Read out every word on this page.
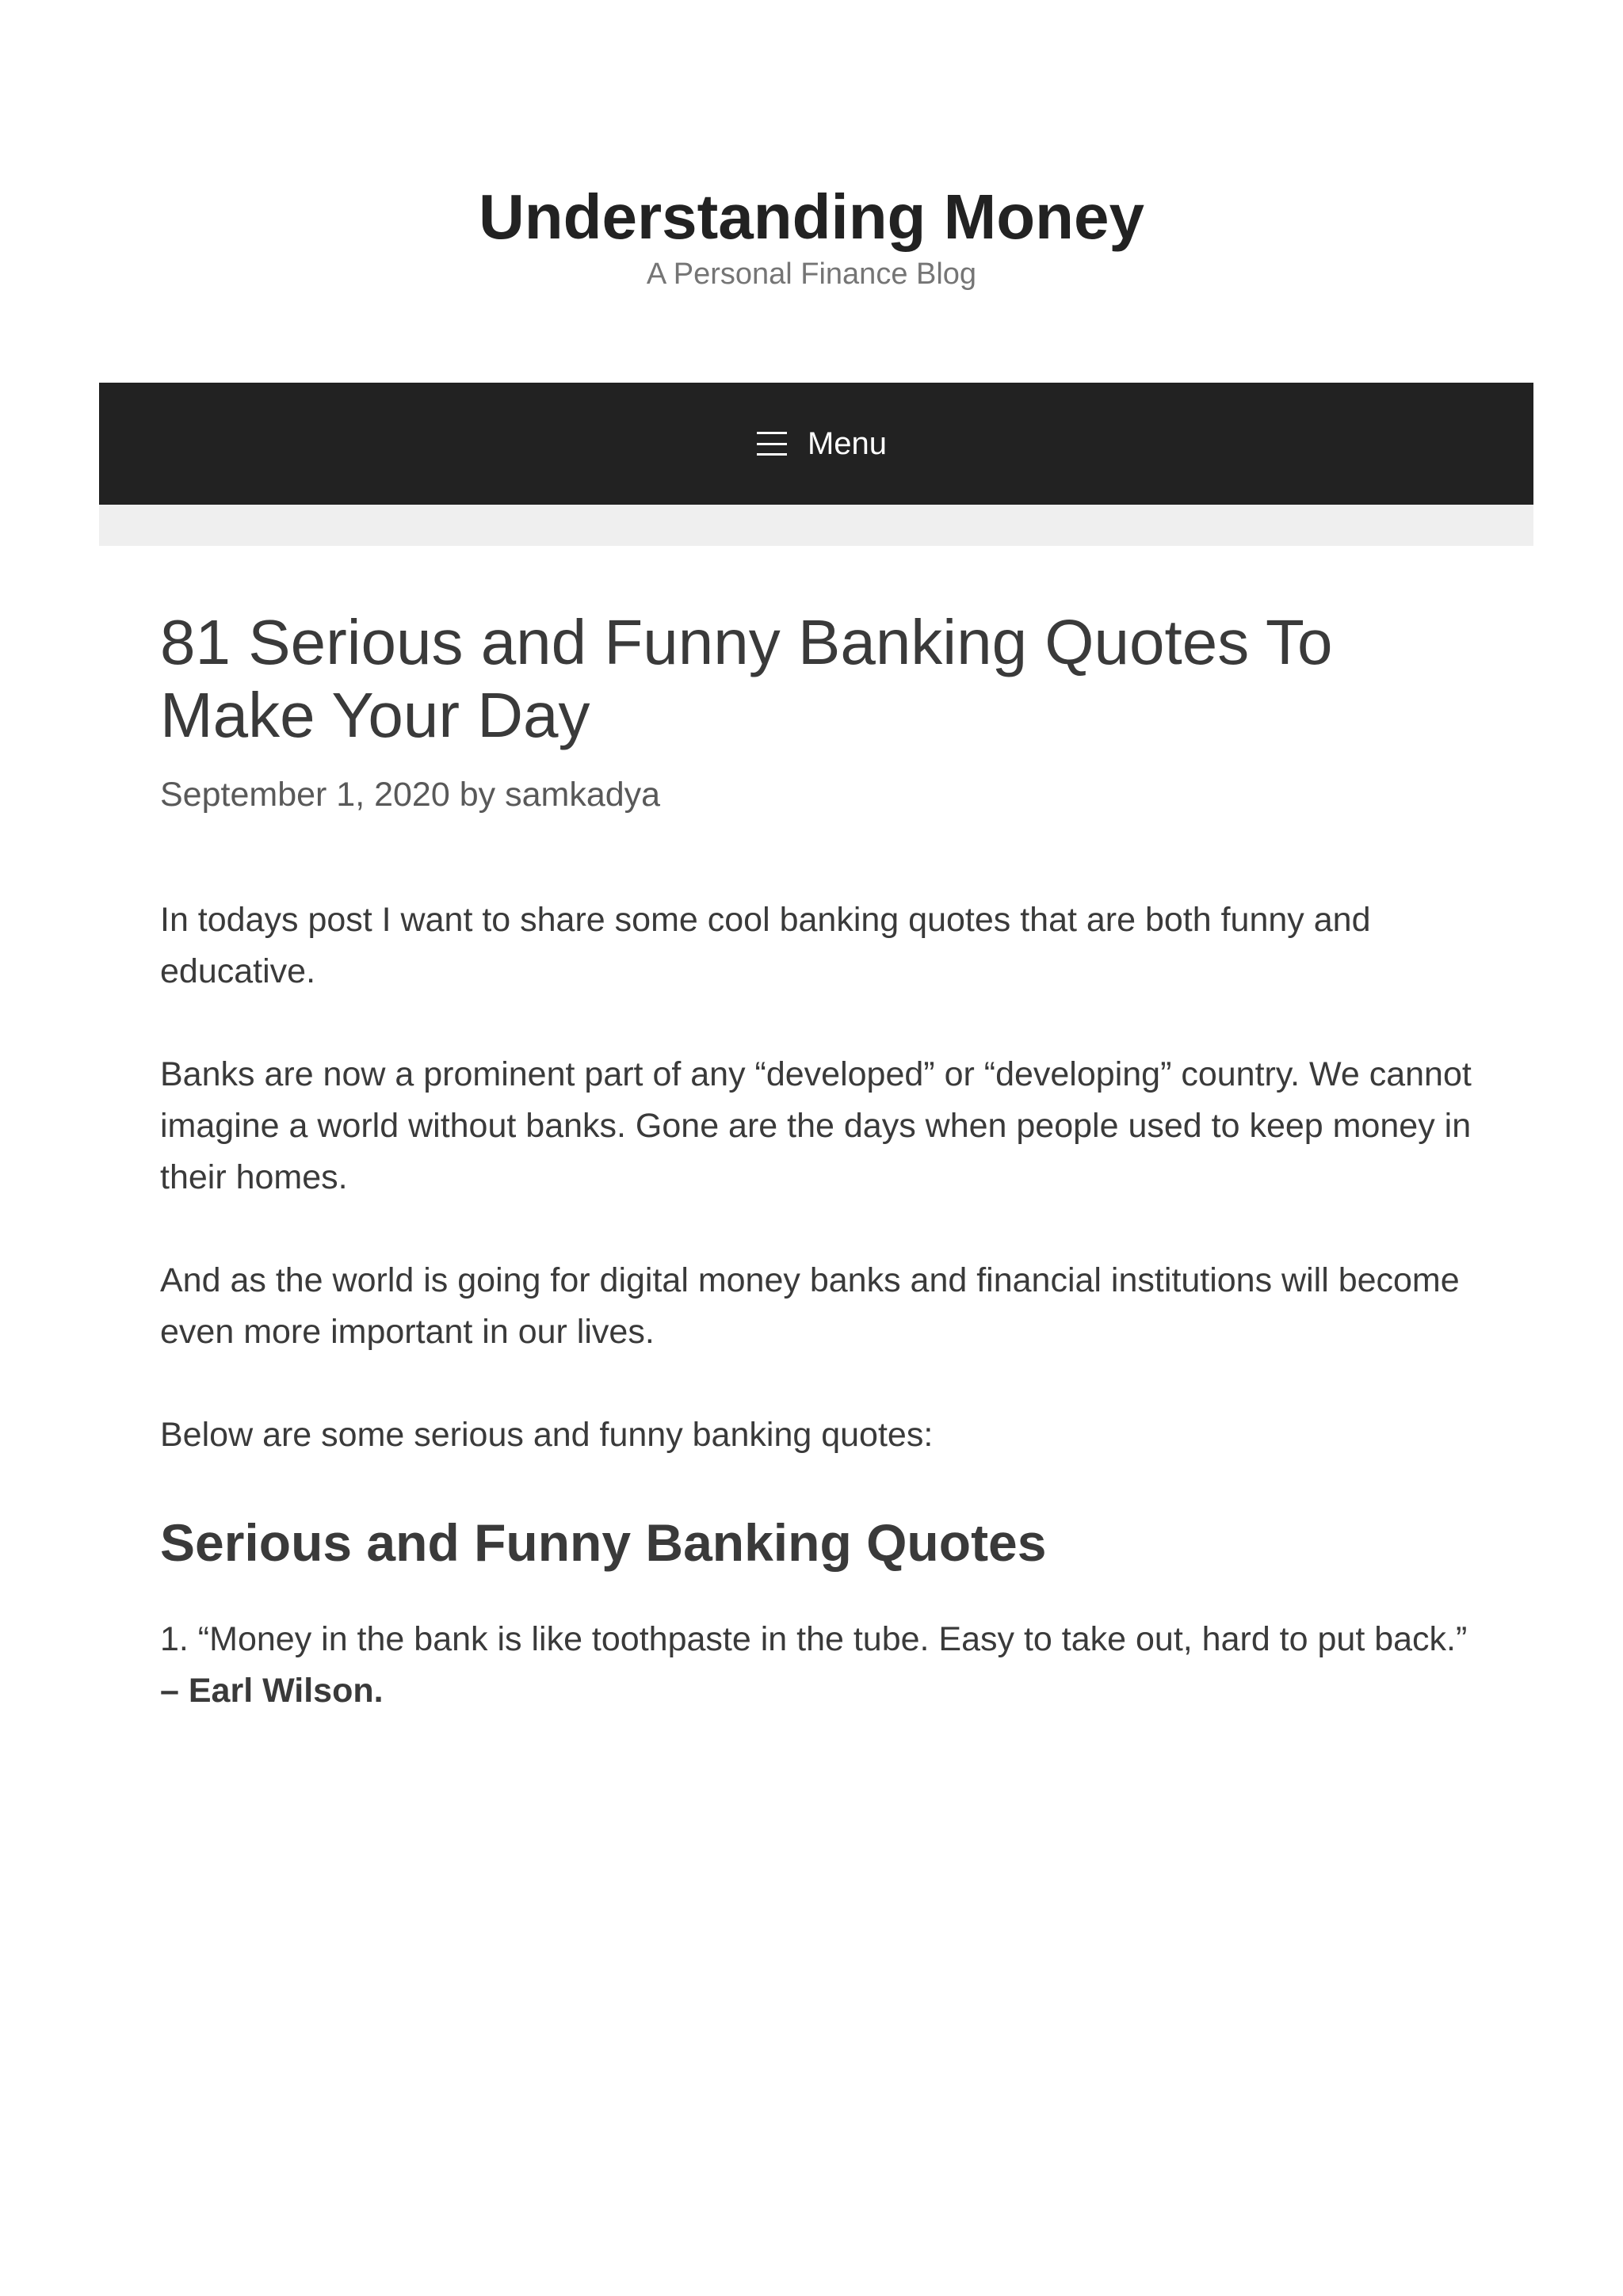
Understanding Money
A Personal Finance Blog
Menu
81 Serious and Funny Banking Quotes To Make Your Day
September 1, 2020 by samkadya

In todays post I want to share some cool banking quotes that are both funny and educative.

Banks are now a prominent part of any “developed” or “developing” country. We cannot imagine a world without banks. Gone are the days when people used to keep money in their homes.

And as the world is going for digital money banks and financial institutions will become even more important in our lives.

Below are some serious and funny banking quotes:

Serious and Funny Banking Quotes

1. “Money in the bank is like toothpaste in the tube. Easy to take out, hard to put back.” – Earl Wilson.
